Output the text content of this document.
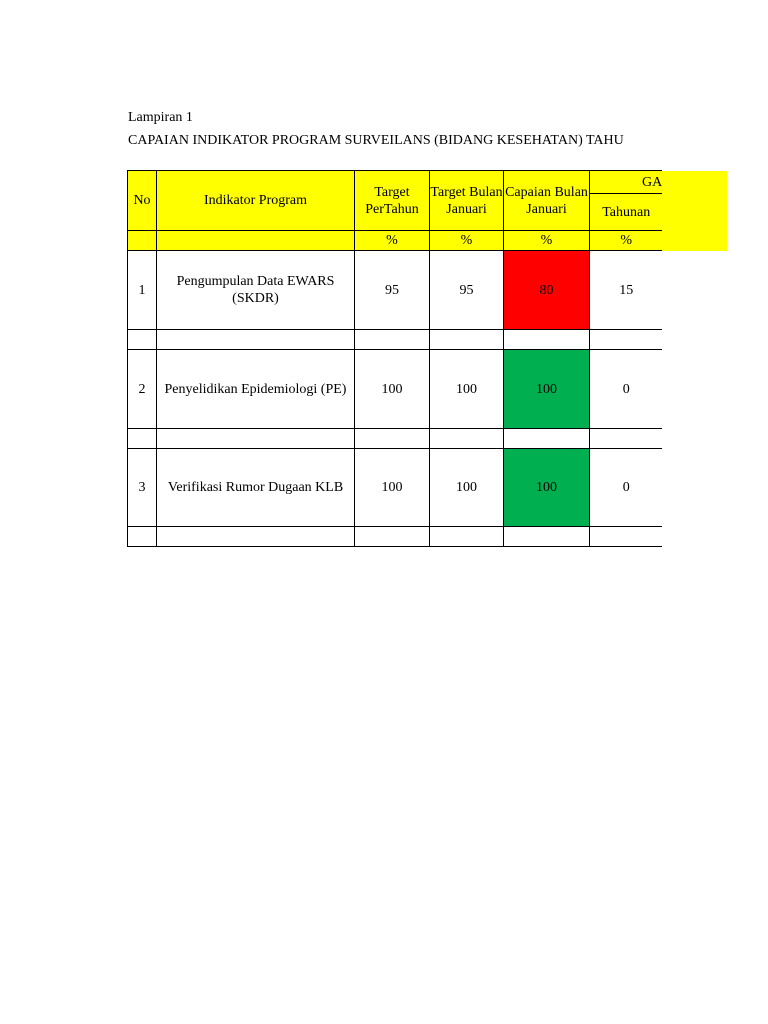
Lampiran 1
CAPAIAN INDIKATOR PROGRAM SURVEILANS (BIDANG KESEHATAN) TAHU
No	Indikator Program	Target PerTahun	Target Bulan Januari	Capaian Bulan Januari	GA

					Tahunan
		%	%	%	%
1	Pengumpulan Data EWARS (SKDR)	95	95	80	15

2	Penyelidikan Epidemiologi (PE)	100	100	100	0

3	Verifikasi Rumor Dugaan KLB	100	100	100	0
